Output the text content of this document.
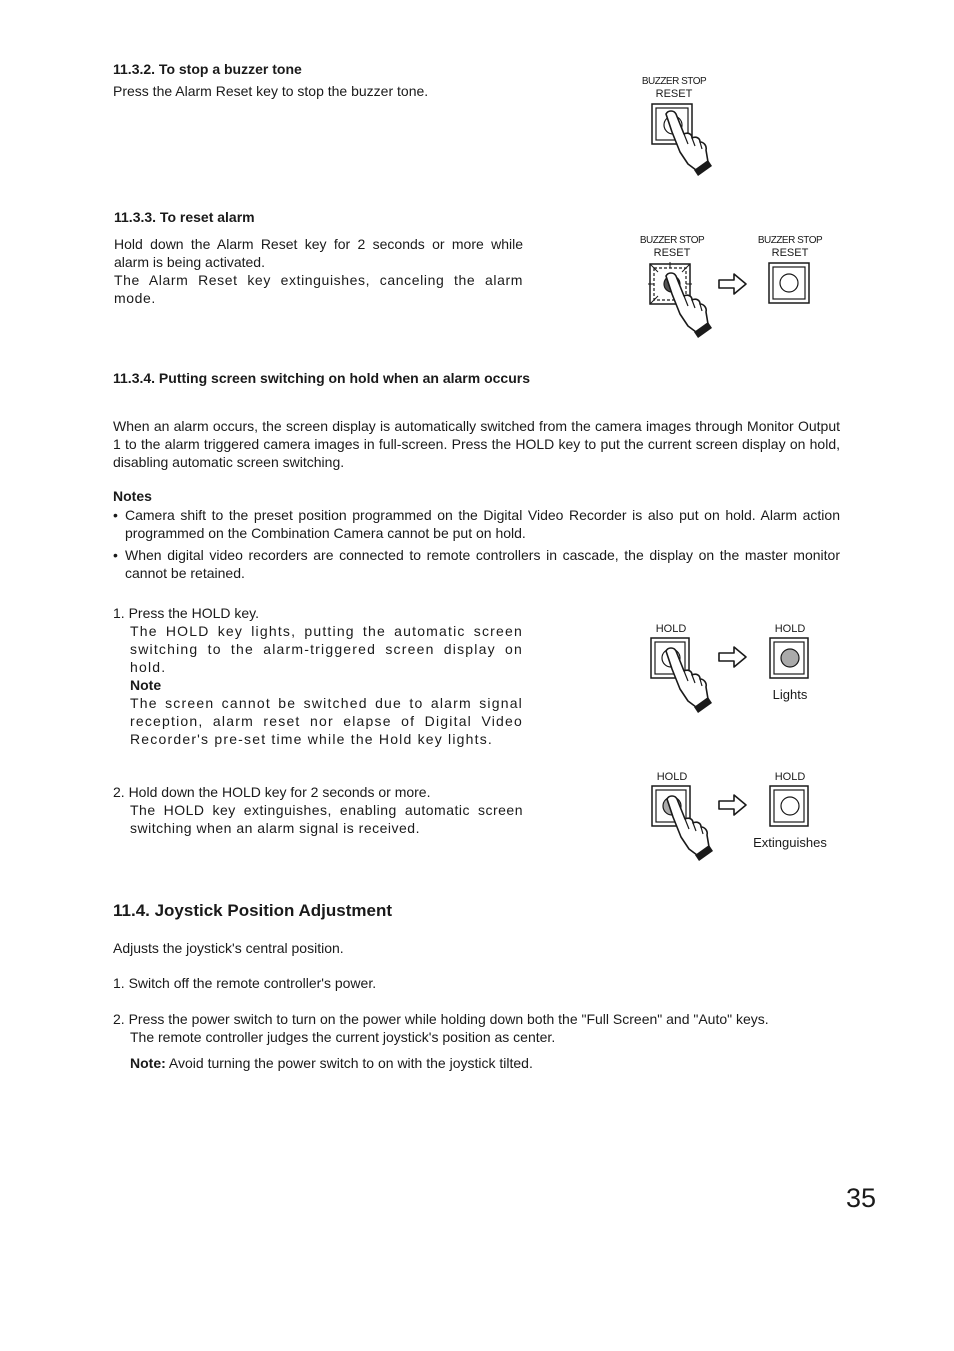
11.3.2. To stop a buzzer tone
Press the Alarm Reset key to stop the buzzer tone.
BUZZER STOP
RESET
11.3.3. To reset alarm
Hold down the Alarm Reset key for 2 seconds or more while alarm is being activated.
The Alarm Reset key extinguishes, canceling the alarm mode.
BUZZER STOP
RESET
BUZZER STOP
RESET
11.3.4. Putting screen switching on hold when an alarm occurs
When an alarm occurs, the screen display is automatically switched from the camera images through Monitor Output 1 to the alarm triggered camera images in full-screen. Press the HOLD key to put the current screen display on hold, disabling automatic screen switching.
Notes
• Camera shift to the preset position programmed on the Digital Video Recorder is also put on hold. Alarm action programmed on the Combination Camera cannot be put on hold.
• When digital video recorders are connected to remote controllers in cascade, the display on the master monitor cannot be retained.
1. Press the HOLD key.
The HOLD key lights, putting the automatic screen switching to the alarm-triggered screen display on hold.
Note
The screen cannot be switched due to alarm signal reception, alarm reset nor elapse of Digital Video Recorder's pre-set time while the Hold key lights.
HOLD	HOLD
Lights
2. Hold down the HOLD key for 2 seconds or more.
The HOLD key extinguishes, enabling automatic screen switching when an alarm signal is received.
HOLD	HOLD
Extinguishes
11.4. Joystick Position Adjustment
Adjusts the joystick's central position.
1. Switch off the remote controller's power.
2. Press the power switch to turn on the power while holding down both the "Full Screen" and "Auto" keys.
The remote controller judges the current joystick's position as center.
Note: Avoid turning the power switch to on with the joystick tilted.
35
